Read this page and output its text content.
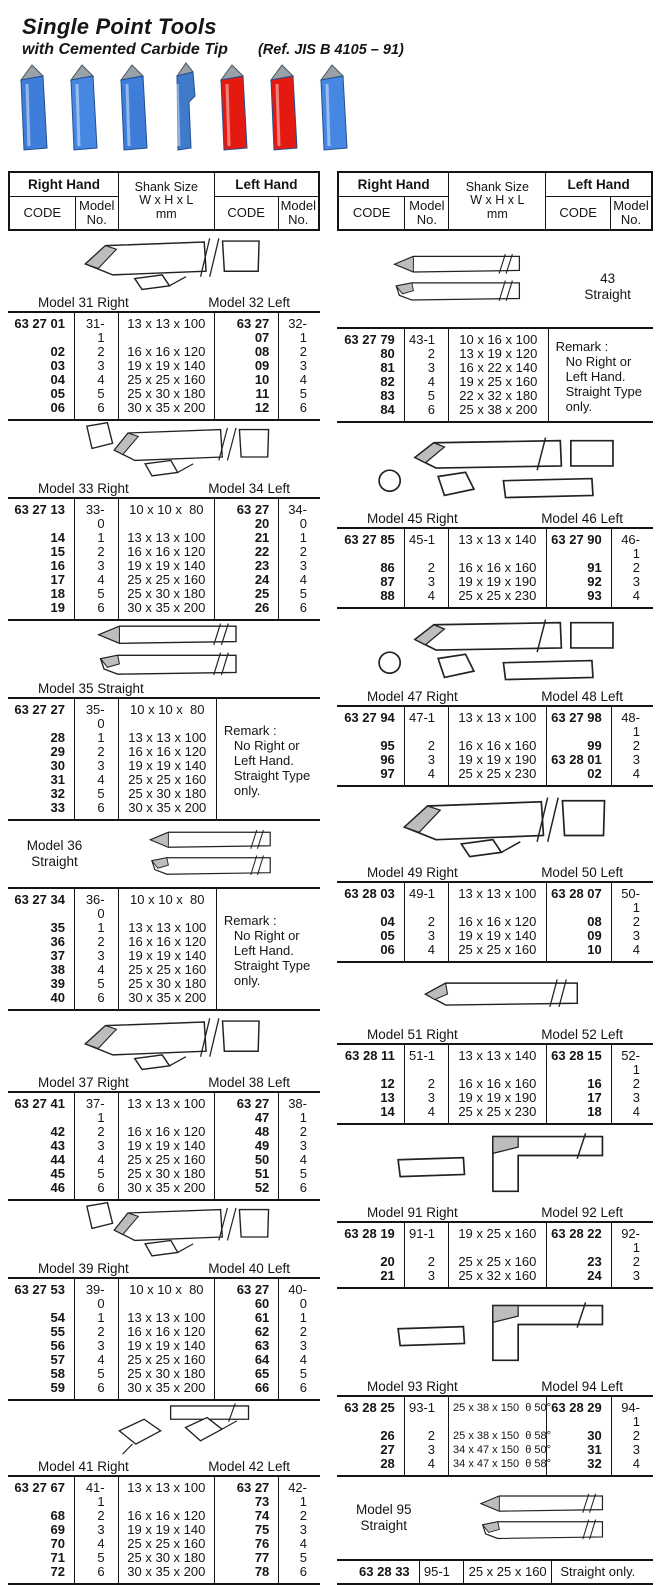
Single Point Tools
with Cemented Carbide Tip (Ref. JIS B 4105 – 91)
Right Hand		Shank Size
W x H x L
mm	Left Hand	
CODE	Model No.		CODE	Model No.
Model 31 Right	Model 32 Left
63 27 01	31-1	13 x 13 x 100	63 27 07	32-1
02	2	16 x 16 x 120	08	2
03	3	19 x 19 x 140	09	3
04	4	25 x 25 x 160	10	4
05	5	25 x 30 x 180	11	5
06	6	30 x 35 x 200	12	6
Model 33 Right	Model 34 Left
63 27 13	33-0	10 x 10 x  80	63 27 20	34-0
14	1	13 x 13 x 100	21	1
15	2	16 x 16 x 120	22	2
16	3	19 x 19 x 140	23	3
17	4	25 x 25 x 160	24	4
18	5	25 x 30 x 180	25	5
19	6	30 x 35 x 200	26	6
Model 35 Straight
63 27 27	35-0	10 x 10 x  80	Remark :
No Right or
Left Hand.
Straight Type
only.

28	1	13 x 13 x 100	
29	2	16 x 16 x 120	
30	3	19 x 19 x 140	
31	4	25 x 25 x 160	
32	5	25 x 30 x 180	
33	6	30 x 35 x 200	
Model 36
Straight
63 27 34	36-0	10 x 10 x  80	Remark :
No Right or
Left Hand.
Straight Type
only.

35	1	13 x 13 x 100	
36	2	16 x 16 x 120	
37	3	19 x 19 x 140	
38	4	25 x 25 x 160	
39	5	25 x 30 x 180	
40	6	30 x 35 x 200	
Model 37 Right	Model 38 Left
63 27 41	37-1	13 x 13 x 100	63 27 47	38-1
42	2	16 x 16 x 120	48	2
43	3	19 x 19 x 140	49	3
44	4	25 x 25 x 160	50	4
45	5	25 x 30 x 180	51	5
46	6	30 x 35 x 200	52	6
Model 39 Right	Model 40 Left
63 27 53	39-0	10 x 10 x  80	63 27 60	40-0
54	1	13 x 13 x 100	61	1
55	2	16 x 16 x 120	62	2
56	3	19 x 19 x 140	63	3
57	4	25 x 25 x 160	64	4
58	5	25 x 30 x 180	65	5
59	6	30 x 35 x 200	66	6
Model 41 Right	Model 42 Left
63 27 67	41-1	13 x 13 x 100	63 27 73	42-1
68	2	16 x 16 x 120	74	2
69	3	19 x 19 x 140	75	3
70	4	25 x 25 x 160	76	4
71	5	25 x 30 x 180	77	5
72	6	30 x 35 x 200	78	6
Right Hand		Shank Size
W x H x L
mm	Left Hand	
CODE	Model No.		CODE	Model No.
43
Straight
63 27 79	43-1	10 x 16 x 100	Remark :
No Right or
Left Hand.
Straight Type
only.

80	2	13 x 19 x 120	
81	3	16 x 22 x 140	
82	4	19 x 25 x 160	
83	5	22 x 32 x 180	
84	6	25 x 38 x 200	
Model 45 Right	Model 46 Left
63 27 85	45-1	13 x 13 x 140	63 27 90	46-1
86	2	16 x 16 x 160	91	2
87	3	19 x 19 x 190	92	3
88	4	25 x 25 x 230	93	4
Model 47 Right	Model 48 Left
63 27 94	47-1	13 x 13 x 100	63 27 98	48-1
95	2	16 x 16 x 160	99	2
96	3	19 x 19 x 190	63 28 01	3
97	4	25 x 25 x 230	02	4
Model 49 Right	Model 50 Left
63 28 03	49-1	13 x 13 x 100	63 28 07	50-1
04	2	16 x 16 x 120	08	2
05	3	19 x 19 x 140	09	3
06	4	25 x 25 x 160	10	4
Model 51 Right	Model 52 Left
63 28 11	51-1	13 x 13 x 140	63 28 15	52-1
12	2	16 x 16 x 160	16	2
13	3	19 x 19 x 190	17	3
14	4	25 x 25 x 230	18	4
Model 91 Right	Model 92 Left
63 28 19	91-1	19 x 25 x 160	63 28 22	92-1
20	2	25 x 25 x 160	23	2
21	3	25 x 32 x 160	24	3
Model 93 Right	Model 94 Left
63 28 25	93-1	25 x 38 x 150  θ 50°	63 28 29	94-1
26	2	25 x 38 x 150  θ 58°	30	2
27	3	34 x 47 x 150  θ 50°	31	3
28	4	34 x 47 x 150  θ 58°	32	4
Model 95
Straight
63 28 33	95-1	25 x 25 x 160	Straight only.
